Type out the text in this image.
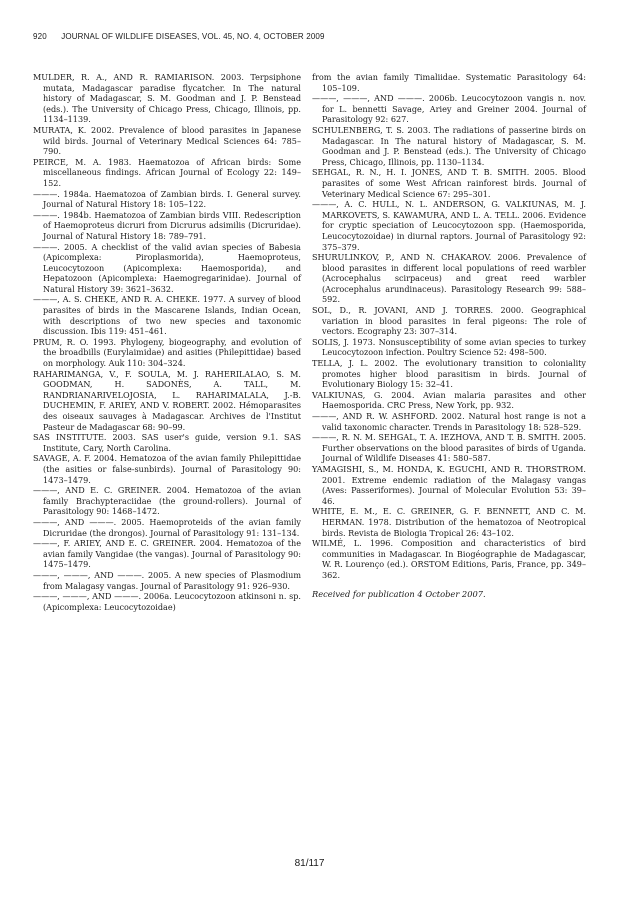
920 JOURNAL OF WILDLIFE DISEASES, VOL. 45, NO. 4, OCTOBER 2009

MULDER, R. A., AND R. RAMIARISON. 2003. Terpsiphone mutata, Madagascar paradise flycatcher. In The natural history of Madagascar, S. M. Goodman and J. P. Benstead (eds.). The University of Chicago Press, Chicago, Illinois, pp. 1134–1139.

MURATA, K. 2002. Prevalence of blood parasites in Japanese wild birds. Journal of Veterinary Medical Sciences 64: 785–790.

PEIRCE, M. A. 1983. Haematozoa of African birds: Some miscellaneous findings. African Journal of Ecology 22: 149–152.

———. 1984a. Haematozoa of Zambian birds. I. General survey. Journal of Natural History 18: 105–122.

———. 1984b. Haematozoa of Zambian birds VIII. Redescription of Haemoproteus dicruri from Dicrurus adsimilis (Dicruridae). Journal of Natural History 18: 789–791.

———. 2005. A checklist of the valid avian species of Babesia (Apicomplexa: Piroplasmorida), Haemoproteus, Leucocytozoon (Apicomplexa: Haemosporida), and Hepatozoon (Apicomplexa: Haemogregarinidae). Journal of Natural History 39: 3621–3632.

———, A. S. CHEKE, AND R. A. CHEKE. 1977. A survey of blood parasites of birds in the Mascarene Islands, Indian Ocean, with descriptions of two new species and taxonomic discussion. Ibis 119: 451–461.

PRUM, R. O. 1993. Phylogeny, biogeography, and evolution of the broadbills (Eurylaimidae) and asities (Philepittidae) based on morphology. Auk 110: 304–324.

RAHARIMANGA, V., F. SOULA, M. J. RAHERILALAO, S. M. GOODMAN, H. SADONÈS, A. TALL, M. RANDRIANARIVELOJOSIA, L. RAHARIMALALA, J.-B. DUCHEMIN, F. ARIEY, AND V. ROBERT. 2002. Hémoparasites des oiseaux sauvages à Madagascar. Archives de l'Institut Pasteur de Madagascar 68: 90–99.

SAS INSTITUTE. 2003. SAS user's guide, version 9.1. SAS Institute, Cary, North Carolina.

SAVAGE, A. F. 2004. Hematozoa of the avian family Philepittidae (the asities or false-sunbirds). Journal of Parasitology 90: 1473–1479.

———, AND E. C. GREINER. 2004. Hematozoa of the avian family Brachypteraciidae (the ground-rollers). Journal of Parasitology 90: 1468–1472.

———, AND ———. 2005. Haemoproteids of the avian family Dicruridae (the drongos). Journal of Parasitology 91: 131–134.

———, F. ARIEY, AND E. C. GREINER. 2004. Hematozoa of the avian family Vangidae (the vangas). Journal of Parasitology 90: 1475–1479.

———, ———, AND ———. 2005. A new species of Plasmodium from Malagasy vangas. Journal of Parasitology 91: 926–930.

———, ———, AND ———. 2006a. Leucocytozoon atkinsoni n. sp. (Apicomplexa: Leucocytozoidae)

from the avian family Timaliidae. Systematic Parasitology 64: 105–109.

———, ———, AND ———. 2006b. Leucocytozoon vangis n. nov. for L. bennetti Savage, Ariey and Greiner 2004. Journal of Parasitology 92: 627.

SCHULENBERG, T. S. 2003. The radiations of passerine birds on Madagascar. In The natural history of Madagascar, S. M. Goodman and J. P. Benstead (eds.). The University of Chicago Press, Chicago, Illinois, pp. 1130–1134.

SEHGAL, R. N., H. I. JONES, AND T. B. SMITH. 2005. Blood parasites of some West African rainforest birds. Journal of Veterinary Medical Science 67: 295–301.

———, A. C. HULL, N. L. ANDERSON, G. VALKIUNAS, M. J. MARKOVETS, S. KAWAMURA, AND L. A. TELL. 2006. Evidence for cryptic speciation of Leucocytozoon spp. (Haemosporida, Leucocytozoidae) in diurnal raptors. Journal of Parasitology 92: 375–379.

SHURULINKOV, P., AND N. CHAKAROV. 2006. Prevalence of blood parasites in different local populations of reed warbler (Acrocephalus scirpaceus) and great reed warbler (Acrocephalus arundinaceus). Parasitology Research 99: 588–592.

SOL, D., R. JOVANI, AND J. TORRES. 2000. Geographical variation in blood parasites in feral pigeons: The role of vectors. Ecography 23: 307–314.

SOLIS, J. 1973. Nonsusceptibility of some avian species to turkey Leucocytozoon infection. Poultry Science 52: 498–500.

TELLA, J. L. 2002. The evolutionary transition to coloniality promotes higher blood parasitism in birds. Journal of Evolutionary Biology 15: 32–41.

VALKIUNAS, G. 2004. Avian malaria parasites and other Haemosporida. CRC Press, New York, pp. 932.

———, AND R. W. ASHFORD. 2002. Natural host range is not a valid taxonomic character. Trends in Parasitology 18: 528–529.

———, R. N. M. SEHGAL, T. A. IEZHOVA, AND T. B. SMITH. 2005. Further observations on the blood parasites of birds of Uganda. Journal of Wildlife Diseases 41: 580–587.

YAMAGISHI, S., M. HONDA, K. EGUCHI, AND R. THORSTROM. 2001. Extreme endemic radiation of the Malagasy vangas (Aves: Passeriformes). Journal of Molecular Evolution 53: 39–46.

WHITE, E. M., E. C. GREINER, G. F. BENNETT, AND C. M. HERMAN. 1978. Distribution of the hematozoa of Neotropical birds. Revista de Biologia Tropical 26: 43–102.

WILMÉ, L. 1996. Composition and characteristics of bird communities in Madagascar. In Biogéographie de Madagascar, W. R. Lourenço (ed.). ORSTOM Editions, Paris, France, pp. 349–362.

Received for publication 4 October 2007.

81/117
